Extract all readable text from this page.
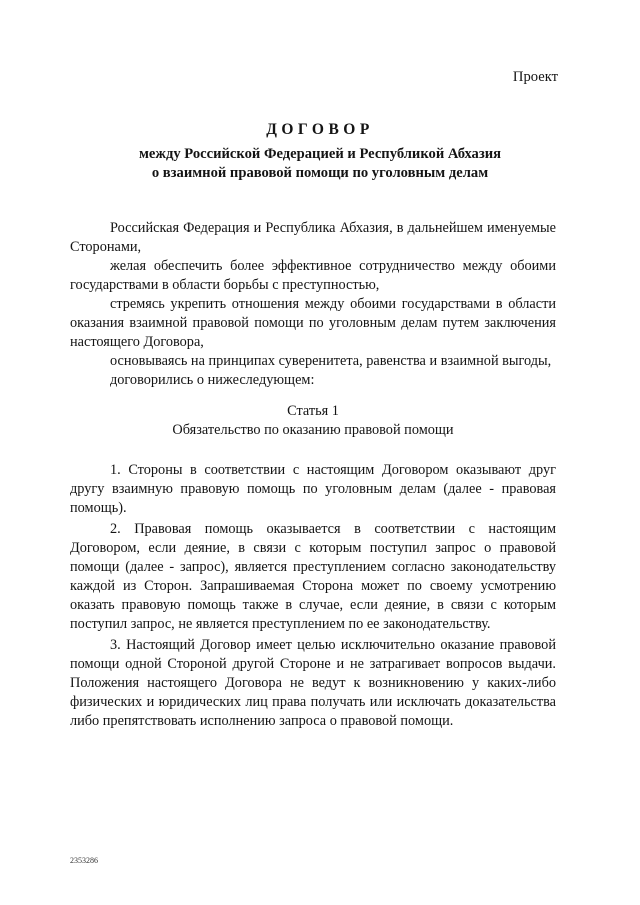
Проект
ДОГОВОР
между Российской Федерацией и Республикой Абхазия
о взаимной правовой помощи по уголовным делам

Российская Федерация и Республика Абхазия, в дальнейшем именуемые Сторонами,

желая обеспечить более эффективное сотрудничество между обоими государствами в области борьбы с преступностью,

стремясь укрепить отношения между обоими государствами в области оказания взаимной правовой помощи по уголовным делам путем заключения настоящего Договора,

основываясь на принципах суверенитета, равенства и взаимной выгоды,

договорились о нижеследующем:

Статья 1
Обязательство по оказанию правовой помощи

1. Стороны в соответствии с настоящим Договором оказывают друг другу взаимную правовую помощь по уголовным делам (далее - правовая помощь).

2. Правовая помощь оказывается в соответствии с настоящим Договором, если деяние, в связи с которым поступил запрос о правовой помощи (далее - запрос), является преступлением согласно законодательству каждой из Сторон. Запрашиваемая Сторона может по своему усмотрению оказать правовую помощь также в случае, если деяние, в связи с которым поступил запрос, не является преступлением по ее законодательству.

3. Настоящий Договор имеет целью исключительно оказание правовой помощи одной Стороной другой Стороне и не затрагивает вопросов выдачи. Положения настоящего Договора не ведут к возникновению у каких-либо физических и юридических лиц права получать или исключать доказательства либо препятствовать исполнению запроса о правовой помощи.

2353286
